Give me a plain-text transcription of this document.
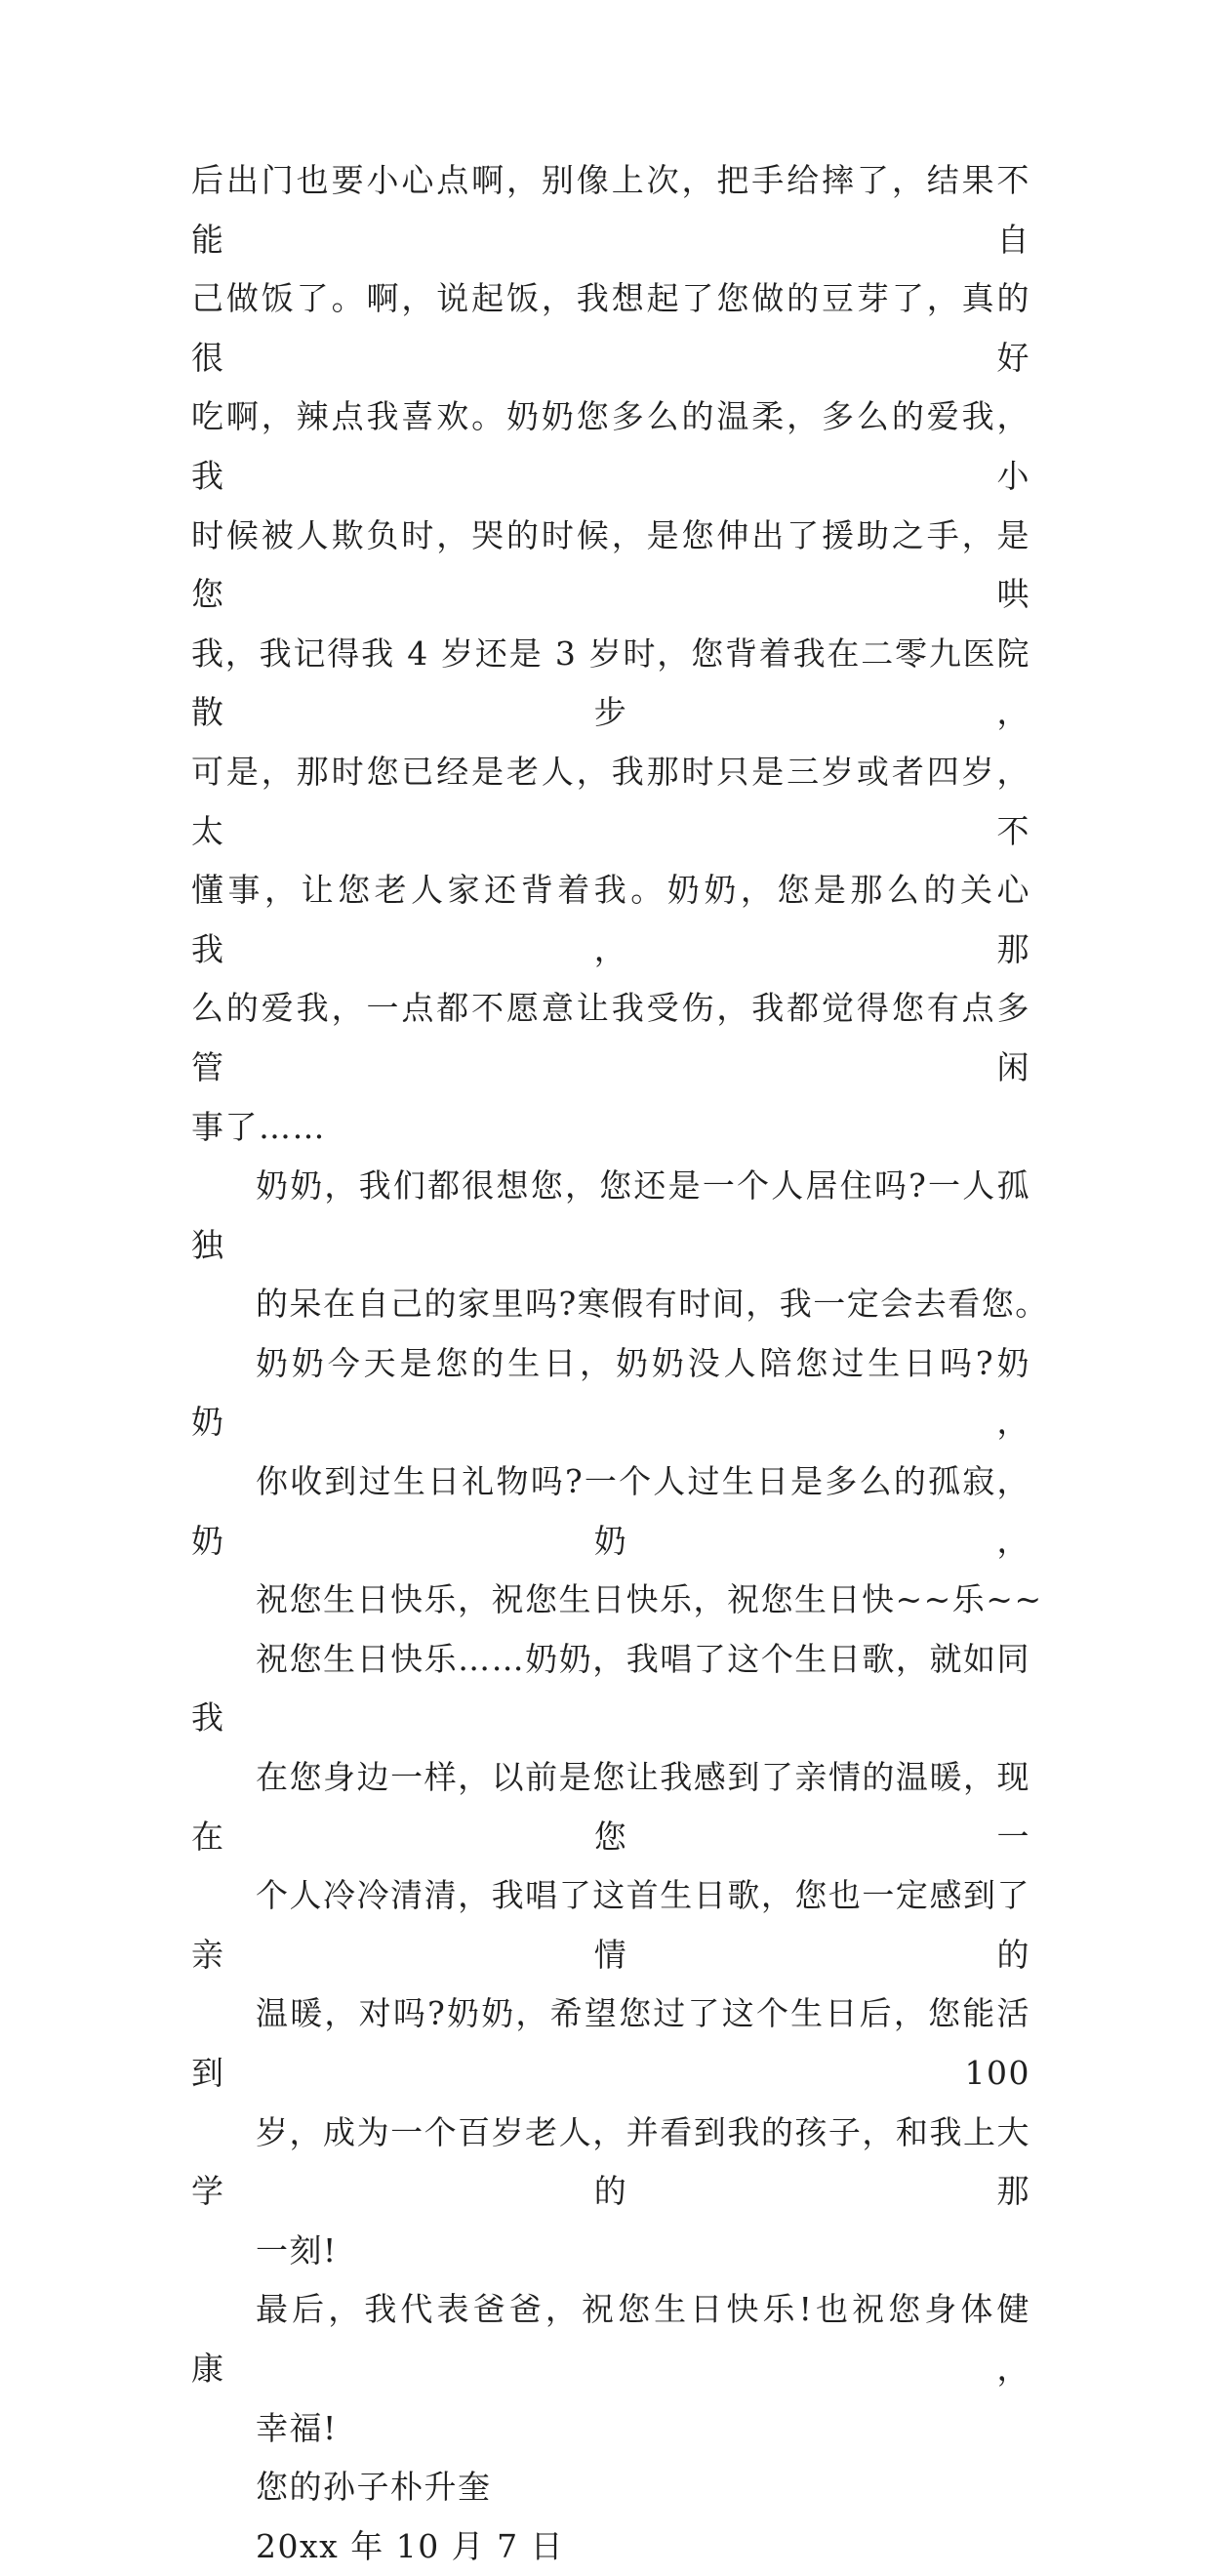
后出门也要小心点啊，别像上次，把手给摔了，结果不能自
己做饭了。啊，说起饭，我想起了您做的豆芽了，真的很好
吃啊，辣点我喜欢。奶奶您多么的温柔，多么的爱我，我小
时候被人欺负时，哭的时候，是您伸出了援助之手，是您哄
我，我记得我 4 岁还是 3 岁时，您背着我在二零九医院散步，
可是，那时您已经是老人，我那时只是三岁或者四岁，太不
懂事，让您老人家还背着我。奶奶，您是那么的关心我，那
么的爱我，一点都不愿意让我受伤，我都觉得您有点多管闲
事了……
奶奶，我们都很想您，您还是一个人居住吗?一人孤独
的呆在自己的家里吗?寒假有时间，我一定会去看您。
奶奶今天是您的生日，奶奶没人陪您过生日吗?奶奶，
你收到过生日礼物吗?一个人过生日是多么的孤寂，奶奶，
祝您生日快乐，祝您生日快乐，祝您生日快~~乐~~
祝您生日快乐……奶奶，我唱了这个生日歌，就如同我
在您身边一样，以前是您让我感到了亲情的温暖，现在您一
个人冷冷清清，我唱了这首生日歌，您也一定感到了亲情的
温暖，对吗?奶奶，希望您过了这个生日后，您能活到 100
岁，成为一个百岁老人，并看到我的孩子，和我上大学的那
一刻!
最后，我代表爸爸，祝您生日快乐!也祝您身体健康，
幸福!

您的孙子朴升奎

20xx 年 10 月 7 日
